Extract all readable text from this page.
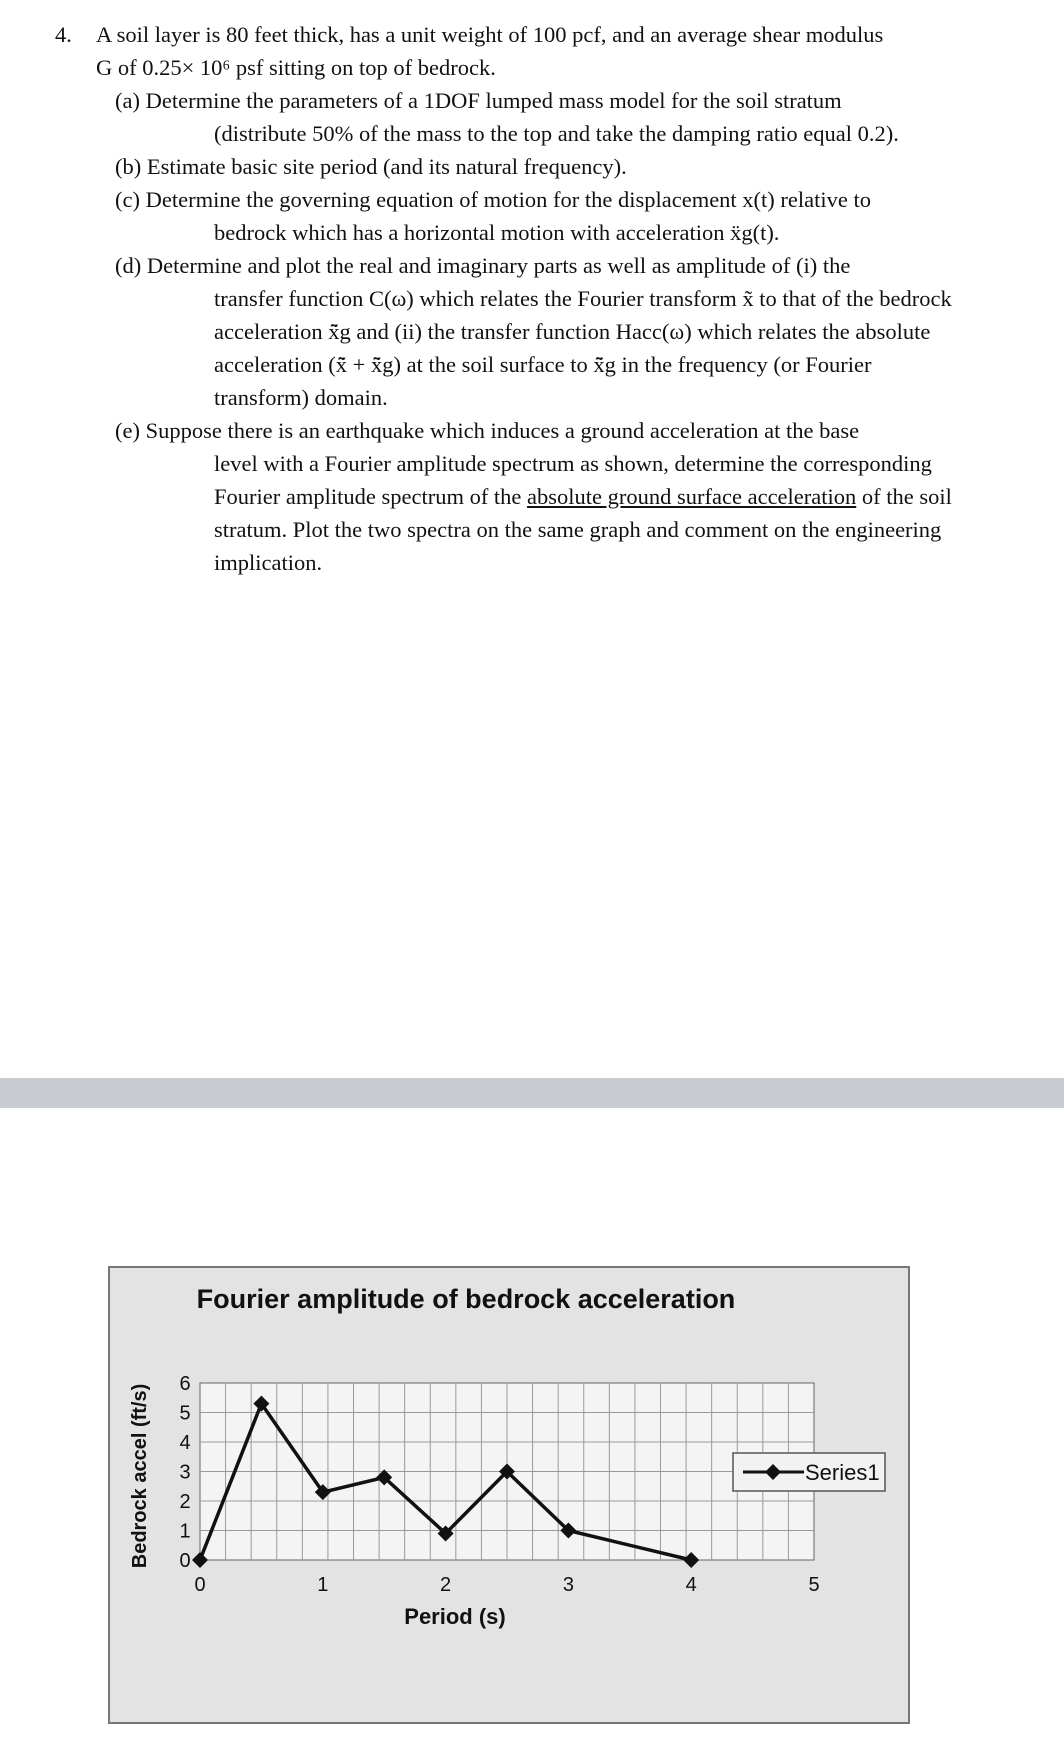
4. A soil layer is 80 feet thick, has a unit weight of 100 pcf, and an average shear modulus
G of 0.25× 10⁶ psf sitting on top of bedrock.
(a) Determine the parameters of a 1DOF lumped mass model for the soil stratum
(distribute 50% of the mass to the top and take the damping ratio equal 0.2).
(b) Estimate basic site period (and its natural frequency).
(c) Determine the governing equation of motion for the displacement x(t) relative to
bedrock which has a horizontal motion with acceleration ẍg(t).
(d) Determine and plot the real and imaginary parts as well as amplitude of (i) the
transfer function C(ω) which relates the Fourier transform x̃ to that of the bedrock
acceleration x̃̈g and (ii) the transfer function Hacc(ω) which relates the absolute
acceleration (x̃̈ + x̃̈g) at the soil surface to x̃̈g in the frequency (or Fourier
transform) domain.
(e) Suppose there is an earthquake which induces a ground acceleration at the base
level with a Fourier amplitude spectrum as shown, determine the corresponding
Fourier amplitude spectrum of the absolute ground surface acceleration of the soil
stratum. Plot the two spectra on the same graph and comment on the engineering
implication.
Fourier amplitude of bedrock acceleration
0
1
2
3
4
5
6
0	1	2	3	4	5
Bedrock accel (ft/s)
Period (s)
Series1
